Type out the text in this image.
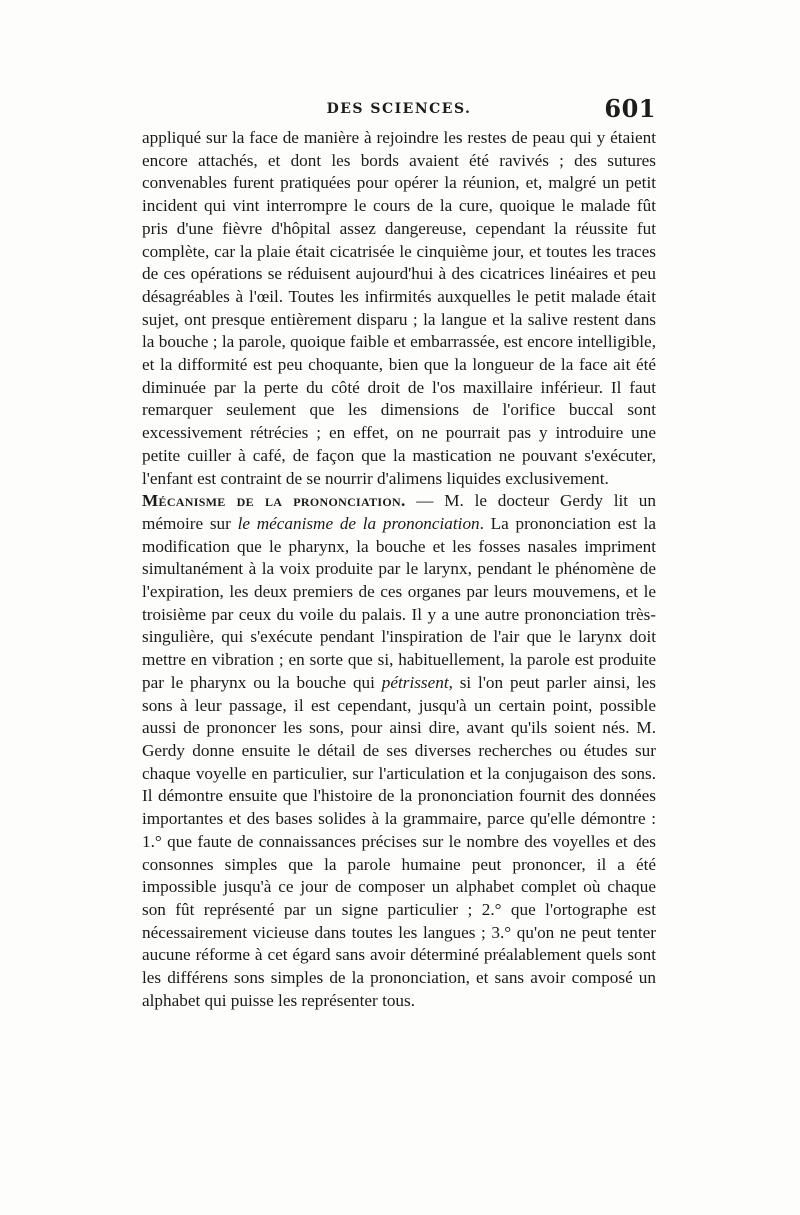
DES SCIENCES.	601

appliqué sur la face de manière à rejoindre les restes de peau qui y étaient encore attachés, et dont les bords avaient été ravivés ; des sutures convenables furent pratiquées pour opérer la réunion, et, malgré un petit incident qui vint interrompre le cours de la cure, quoique le malade fût pris d'une fièvre d'hôpital assez dangereuse, cependant la réussite fut complète, car la plaie était cicatrisée le cinquième jour, et toutes les traces de ces opérations se réduisent aujourd'hui à des cicatrices linéaires et peu désagréables à l'œil. Toutes les infirmités auxquelles le petit malade était sujet, ont presque entièrement disparu ; la langue et la salive restent dans la bouche ; la parole, quoique faible et embarrassée, est encore intelligible, et la difformité est peu choquante, bien que la longueur de la face ait été diminuée par la perte du côté droit de l'os maxillaire inférieur. Il faut remarquer seulement que les dimensions de l'orifice buccal sont excessivement rétrécies ; en effet, on ne pourrait pas y introduire une petite cuiller à café, de façon que la mastication ne pouvant s'exécuter, l'enfant est contraint de se nourrir d'alimens liquides exclusivement.

Mécanisme de la prononciation. — M. le docteur Gerdy lit un mémoire sur le mécanisme de la prononciation. La prononciation est la modification que le pharynx, la bouche et les fosses nasales impriment simultanément à la voix produite par le larynx, pendant le phénomène de l'expiration, les deux premiers de ces organes par leurs mouvemens, et le troisième par ceux du voile du palais. Il y a une autre prononciation très-singulière, qui s'exécute pendant l'inspiration de l'air que le larynx doit mettre en vibration ; en sorte que si, habituellement, la parole est produite par le pharynx ou la bouche qui pétrissent, si l'on peut parler ainsi, les sons à leur passage, il est cependant, jusqu'à un certain point, possible aussi de prononcer les sons, pour ainsi dire, avant qu'ils soient nés. M. Gerdy donne ensuite le détail de ses diverses recherches ou études sur chaque voyelle en particulier, sur l'articulation et la conjugaison des sons. Il démontre ensuite que l'histoire de la prononciation fournit des données importantes et des bases solides à la grammaire, parce qu'elle démontre : 1.° que faute de connaissances précises sur le nombre des voyelles et des consonnes simples que la parole humaine peut prononcer, il a été impossible jusqu'à ce jour de composer un alphabet complet où chaque son fût représenté par un signe particulier ; 2.° que l'ortographe est nécessairement vicieuse dans toutes les langues ; 3.° qu'on ne peut tenter aucune réforme à cet égard sans avoir déterminé préalablement quels sont les différens sons simples de la prononciation, et sans avoir composé un alphabet qui puisse les représenter tous.
